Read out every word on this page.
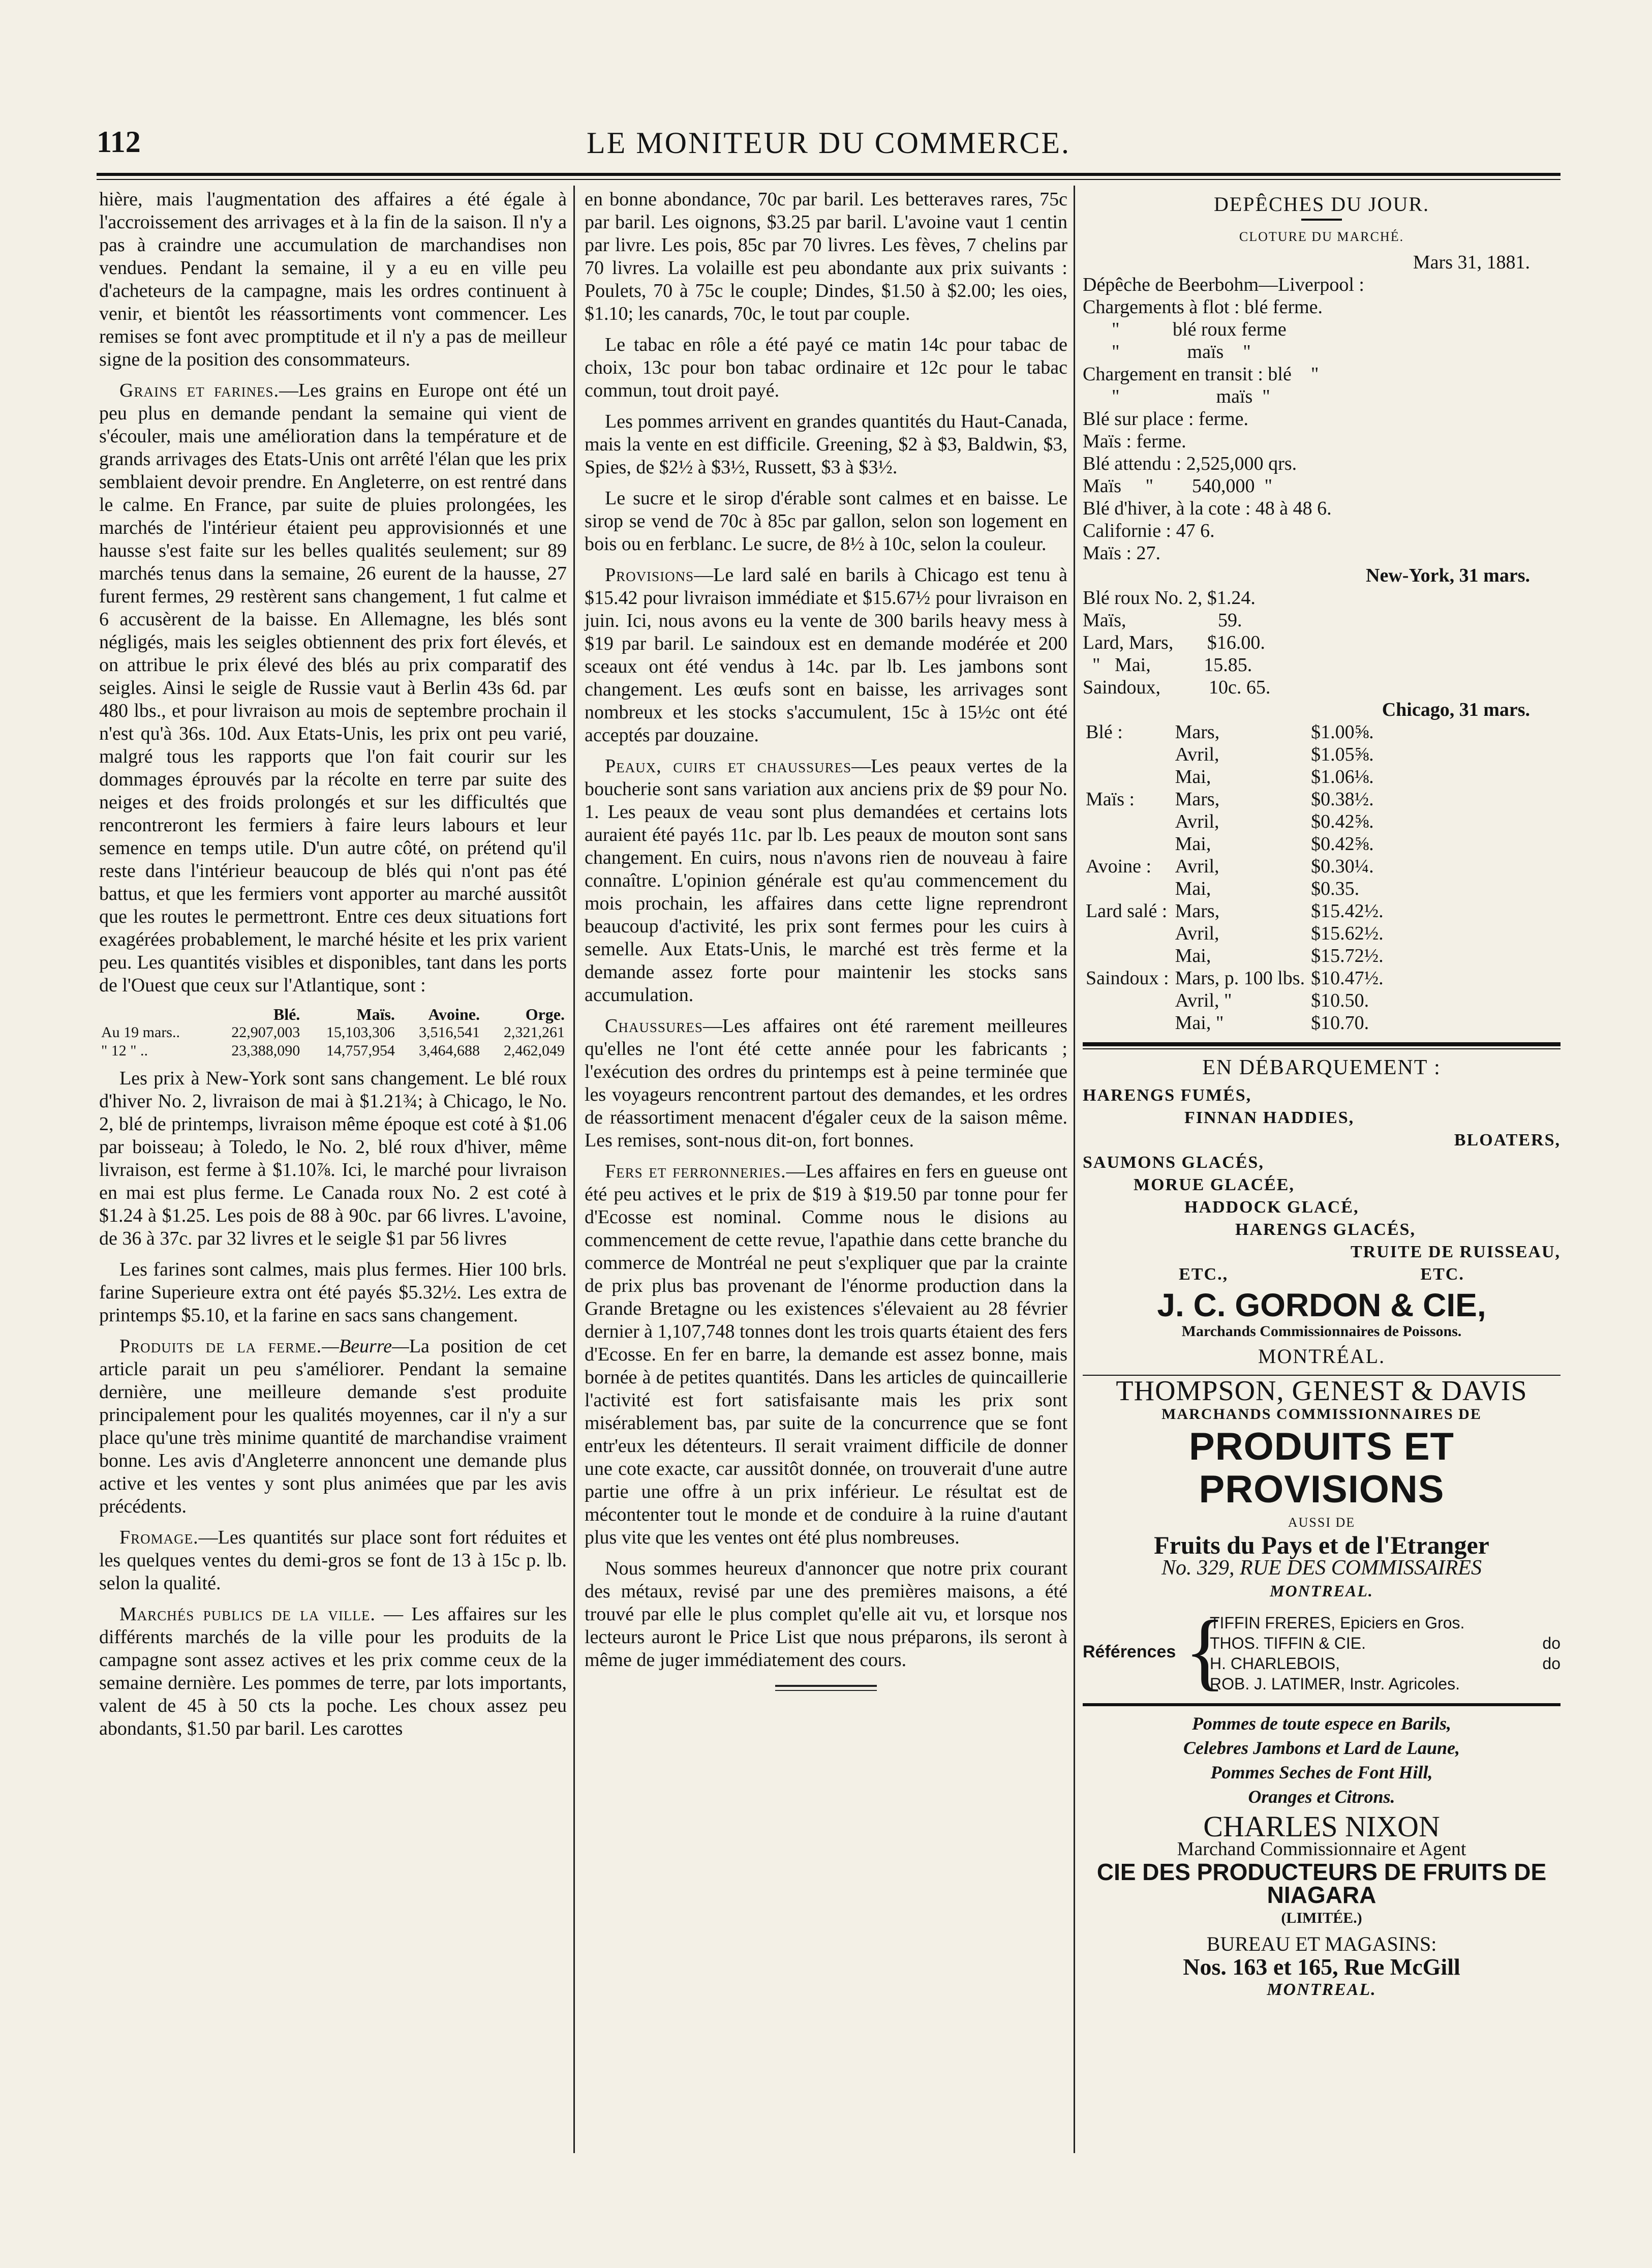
112	LE MONITEUR DU COMMERCE.

hière, mais l'augmentation des affaires a été égale à l'accroissement des arrivages et à la fin de la saison. Il n'y a pas à craindre une accumulation de marchandises non vendues. Pendant la semaine, il y a eu en ville peu d'acheteurs de la campagne, mais les ordres continuent à venir, et bientôt les réassortiments vont commencer. Les remises se font avec promptitude et il n'y a pas de meilleur signe de la position des consommateurs.

Grains et farines.—Les grains en Europe ont été un peu plus en demande pendant la semaine qui vient de s'écouler, mais une amélioration dans la température et de grands arrivages des Etats-Unis ont arrêté l'élan que les prix semblaient devoir prendre. En Angleterre, on est rentré dans le calme. En France, par suite de pluies prolongées, les marchés de l'intérieur étaient peu approvisionnés et une hausse s'est faite sur les belles qualités seulement; sur 89 marchés tenus dans la semaine, 26 eurent de la hausse, 27 furent fermes, 29 restèrent sans changement, 1 fut calme et 6 accusèrent de la baisse. En Allemagne, les blés sont négligés, mais les seigles obtiennent des prix fort élevés, et on attribue le prix élevé des blés au prix comparatif des seigles. Ainsi le seigle de Russie vaut à Berlin 43s 6d. par 480 lbs., et pour livraison au mois de septembre prochain il n'est qu'à 36s. 10d. Aux Etats-Unis, les prix ont peu varié, malgré tous les rapports que l'on fait courir sur les dommages éprouvés par la récolte en terre par suite des neiges et des froids prolongés et sur les difficultés que rencontreront les fermiers à faire leurs labours et leur semence en temps utile. D'un autre côté, on prétend qu'il reste dans l'intérieur beaucoup de blés qui n'ont pas été battus, et que les fermiers vont apporter au marché aussitôt que les routes le permettront. Entre ces deux situations fort exagérées probablement, le marché hésite et les prix varient peu. Les quantités visibles et disponibles, tant dans les ports de l'Ouest que ceux sur l'Atlantique, sont :

	Blé.	Maïs.	Avoine.	Orge.
Au 19 mars..	22,907,003	15,103,306	3,516,541	2,321,261
" 12 " ..	23,388,090	14,757,954	3,464,688	2,462,049

Les prix à New-York sont sans changement. Le blé roux d'hiver No. 2, livraison de mai à $1.21¾; à Chicago, le No. 2, blé de printemps, livraison même époque est coté à $1.06 par boisseau; à Toledo, le No. 2, blé roux d'hiver, même livraison, est ferme à $1.10⅞. Ici, le marché pour livraison en mai est plus ferme. Le Canada roux No. 2 est coté à $1.24 à $1.25. Les pois de 88 à 90c. par 66 livres. L'avoine, de 36 à 37c. par 32 livres et le seigle $1 par 56 livres

Les farines sont calmes, mais plus fermes. Hier 100 brls. farine Superieure extra ont été payés $5.32½. Les extra de printemps $5.10, et la farine en sacs sans changement.

Produits de la ferme.—Beurre—La position de cet article parait un peu s'améliorer. Pendant la semaine dernière, une meilleure demande s'est produite principalement pour les qualités moyennes, car il n'y a sur place qu'une très minime quantité de marchandise vraiment bonne. Les avis d'Angleterre annoncent une demande plus active et les ventes y sont plus animées que par les avis précédents.

Fromage.—Les quantités sur place sont fort réduites et les quelques ventes du demi-gros se font de 13 à 15c p. lb. selon la qualité.

Marchés publics de la ville. — Les affaires sur les différents marchés de la ville pour les produits de la campagne sont assez actives et les prix comme ceux de la semaine dernière. Les pommes de terre, par lots importants, valent de 45 à 50 cts la poche. Les choux assez peu abondants, $1.50 par baril. Les carottes

en bonne abondance, 70c par baril. Les betteraves rares, 75c par baril. Les oignons, $3.25 par baril. L'avoine vaut 1 centin par livre. Les pois, 85c par 70 livres. Les fèves, 7 chelins par 70 livres. La volaille est peu abondante aux prix suivants : Poulets, 70 à 75c le couple; Dindes, $1.50 à $2.00; les oies, $1.10; les canards, 70c, le tout par couple.

Le tabac en rôle a été payé ce matin 14c pour tabac de choix, 13c pour bon tabac ordinaire et 12c pour le tabac commun, tout droit payé.

Les pommes arrivent en grandes quantités du Haut-Canada, mais la vente en est difficile. Greening, $2 à $3, Baldwin, $3, Spies, de $2½ à $3½, Russett, $3 à $3½.

Le sucre et le sirop d'érable sont calmes et en baisse. Le sirop se vend de 70c à 85c par gallon, selon son logement en bois ou en ferblanc. Le sucre, de 8½ à 10c, selon la couleur.

Provisions—Le lard salé en barils à Chicago est tenu à $15.42 pour livraison immédiate et $15.67½ pour livraison en juin. Ici, nous avons eu la vente de 300 barils heavy mess à $19 par baril. Le saindoux est en demande modérée et 200 sceaux ont été vendus à 14c. par lb. Les jambons sont changement. Les œufs sont en baisse, les arrivages sont nombreux et les stocks s'accumulent, 15c à 15½c ont été acceptés par douzaine.

Peaux, cuirs et chaussures—Les peaux vertes de la boucherie sont sans variation aux anciens prix de $9 pour No. 1. Les peaux de veau sont plus demandées et certains lots auraient été payés 11c. par lb. Les peaux de mouton sont sans changement. En cuirs, nous n'avons rien de nouveau à faire connaître. L'opinion générale est qu'au commencement du mois prochain, les affaires dans cette ligne reprendront beaucoup d'activité, les prix sont fermes pour les cuirs à semelle. Aux Etats-Unis, le marché est très ferme et la demande assez forte pour maintenir les stocks sans accumulation.

Chaussures—Les affaires ont été rarement meilleures qu'elles ne l'ont été cette année pour les fabricants ; l'exécution des ordres du printemps est à peine terminée que les voyageurs rencontrent partout des demandes, et les ordres de réassortiment menacent d'égaler ceux de la saison même. Les remises, sont-nous dit-on, fort bonnes.

Fers et ferronneries.—Les affaires en fers en gueuse ont été peu actives et le prix de $19 à $19.50 par tonne pour fer d'Ecosse est nominal. Comme nous le disions au commencement de cette revue, l'apathie dans cette branche du commerce de Montréal ne peut s'expliquer que par la crainte de prix plus bas provenant de l'énorme production dans la Grande Bretagne ou les existences s'élevaient au 28 février dernier à 1,107,748 tonnes dont les trois quarts étaient des fers d'Ecosse. En fer en barre, la demande est assez bonne, mais bornée à de petites quantités. Dans les articles de quincaillerie l'activité est fort satisfaisante mais les prix sont misérablement bas, par suite de la concurrence que se font entr'eux les détenteurs. Il serait vraiment difficile de donner une cote exacte, car aussitôt donnée, on trouverait d'une autre partie une offre à un prix inférieur. Le résultat est de mécontenter tout le monde et de conduire à la ruine d'autant plus vite que les ventes ont été plus nombreuses.

Nous sommes heureux d'annoncer que notre prix courant des métaux, revisé par une des premières maisons, a été trouvé par elle le plus complet qu'elle ait vu, et lorsque nos lecteurs auront le Price List que nous préparons, ils seront à même de juger immédiatement des cours.

DEPÊCHES DU JOUR.
CLOTURE DU MARCHÉ.
Mars 31, 1881.
Dépêche de Beerbohm—Liverpool :
Chargements à flot : blé ferme.
"           blé roux ferme
"              maïs    "
Chargement en transit : blé    "
"                    maïs  "
Blé sur place : ferme.
Maïs : ferme.
Blé attendu : 2,525,000 qrs.
Maïs     "        540,000  "
Blé d'hiver, à la cote : 48 à 48 6.
Californie : 47 6.
Maïs : 27.
New-York, 31 mars.
Blé roux No. 2, $1.24.
Maïs,                   59.
Lard, Mars,       $16.00.
"   Mai,           15.85.
Saindoux,          10c. 65.
Chicago, 31 mars.
Blé :	Mars,	$1.00⅝.
	Avril,	$1.05⅝.
	Mai,	$1.06⅛.
Maïs :	Mars,	$0.38½.
	Avril,	$0.42⅝.
	Mai,	$0.42⅝.
Avoine :	Avril,	$0.30¼.
	Mai,	$0.35.
Lard salé :	Mars,	$15.42½.
	Avril,	$15.62½.
	Mai,	$15.72½.
Saindoux :	Mars, p. 100 lbs.	$10.47½.
	Avril, "	$10.50.
	Mai, "	$10.70.
EN DÉBARQUEMENT :
HARENGS FUMÉS,
FINNAN HADDIES,
BLOATERS,
SAUMONS GLACÉS,
MORUE GLACÉE,
HADDOCK GLACÉ,
HARENGS GLACÉS,
TRUITE DE RUISSEAU,
ETC.,	ETC.
J. C. GORDON & CIE,
Marchands Commissionnaires de Poissons.
MONTRÉAL.
THOMPSON, GENEST & DAVIS
MARCHANDS COMMISSIONNAIRES DE
PRODUITS ET PROVISIONS
AUSSI DE
Fruits du Pays et de l'Etranger
No. 329, RUE DES COMMISSAIRES
MONTREAL.
Références {
TIFFIN FRERES, Epiciers en Gros.
THOS. TIFFIN & CIE.	do
H. CHARLEBOIS,	do
ROB. J. LATIMER, Instr. Agricoles.
Pommes de toute espece en Barils,
Celebres Jambons et Lard de Laune,
Pommes Seches de Font Hill,
Oranges et Citrons.
CHARLES NIXON
Marchand Commissionnaire et Agent
CIE DES PRODUCTEURS DE FRUITS DE NIAGARA
(LIMITÉE.)
BUREAU ET MAGASINS:
Nos. 163 et 165, Rue McGill
MONTREAL.
